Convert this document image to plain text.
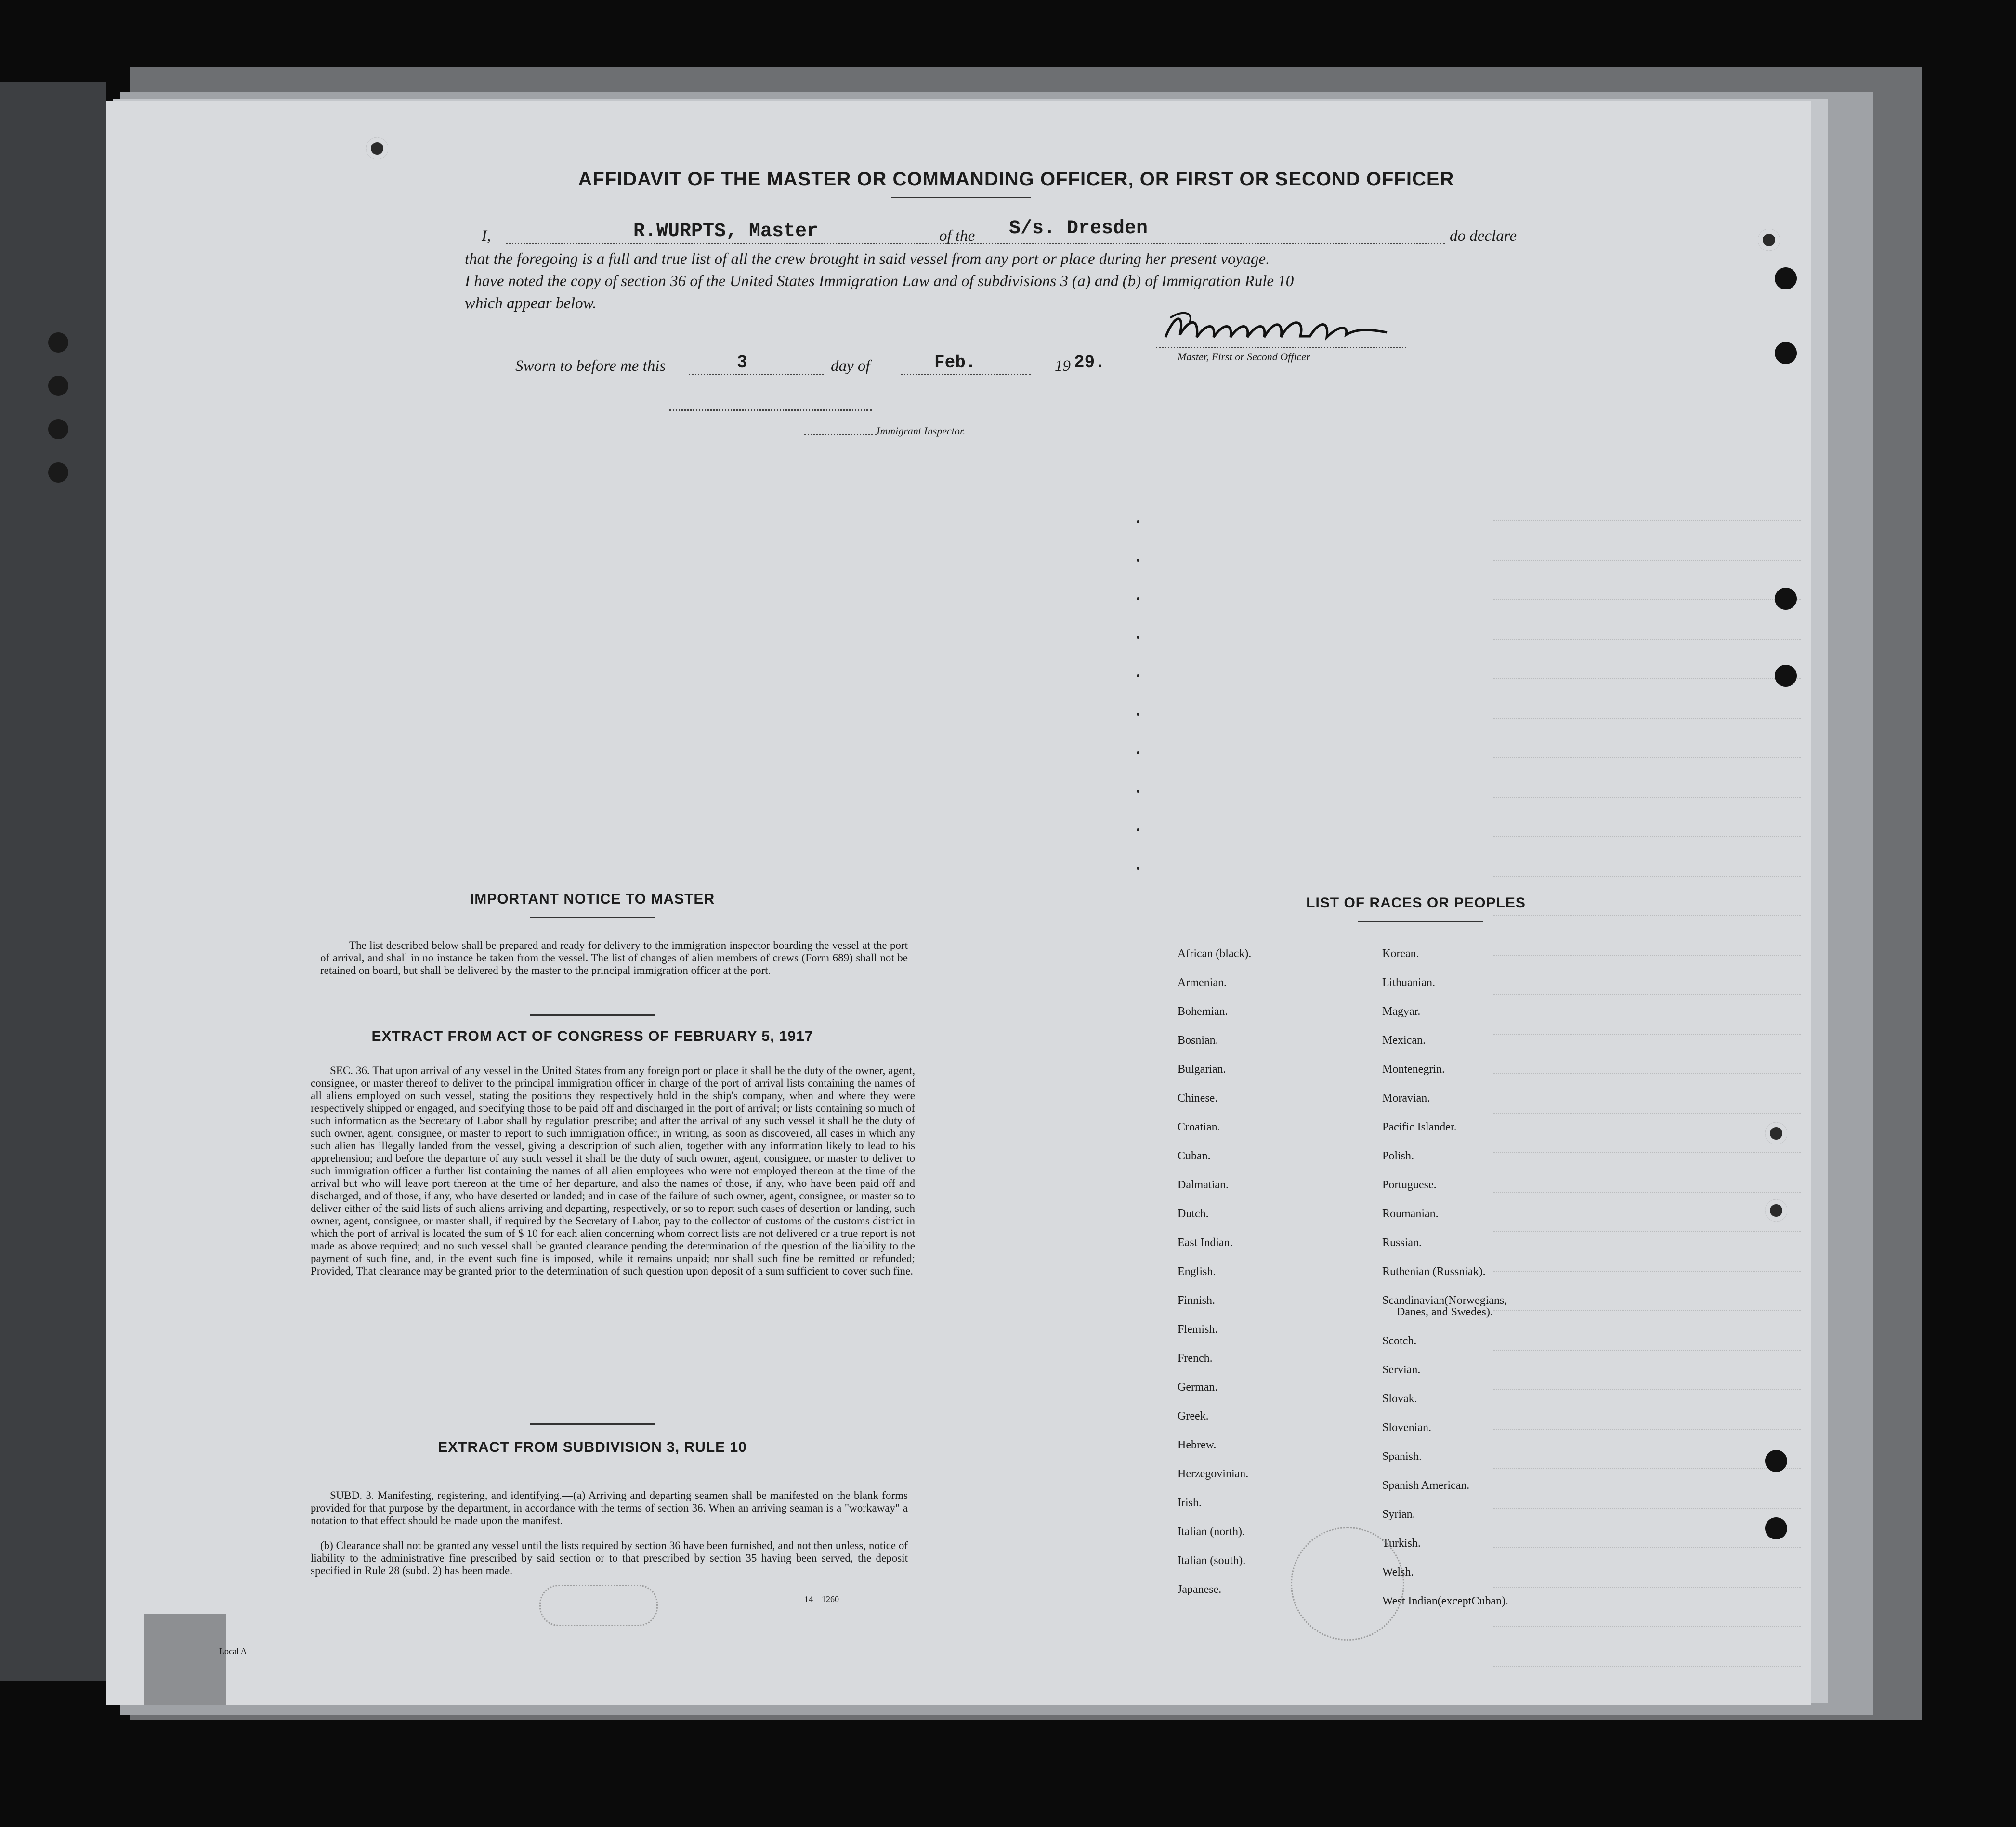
AFFIDAVIT OF THE MASTER OR COMMANDING OFFICER, OR FIRST OR SECOND OFFICER
I,	R.WURPTS, Master	of the S/s. Dresden	do declare
that the foregoing is a full and true list of all the crew brought in said vessel from any port or place during her present voyage.
I have noted the copy of section 36 of the United States Immigration Law and of subdivisions 3 (a) and (b) of Immigration Rule 10
which appear below.
Master, First or Second Officer
Sworn to before me this	3	day of	Feb.	19 29.
Immigrant Inspector.
IMPORTANT NOTICE TO MASTER
The list described below shall be prepared and ready for delivery to the immigration inspector boarding the vessel at the port of arrival, and shall in no instance be taken from the vessel. The list of changes of alien members of crews (Form 689) shall not be retained on board, but shall be delivered by the master to the principal immigration officer at the port.
EXTRACT FROM ACT OF CONGRESS OF FEBRUARY 5, 1917
SEC. 36. That upon arrival of any vessel in the United States from any foreign port or place it shall be the duty of the owner, agent, consignee, or master thereof to deliver to the principal immigration officer in charge of the port of arrival lists containing the names of all aliens employed on such vessel, stating the positions they respectively hold in the ship's company, when and where they were respectively shipped or engaged, and specifying those to be paid off and discharged in the port of arrival; or lists containing so much of such information as the Secretary of Labor shall by regulation prescribe; and after the arrival of any such vessel it shall be the duty of such owner, agent, consignee, or master to report to such immigration officer, in writing, as soon as discovered, all cases in which any such alien has illegally landed from the vessel, giving a description of such alien, together with any information likely to lead to his apprehension; and before the departure of any such vessel it shall be the duty of such owner, agent, consignee, or master to deliver to such immigration officer a further list containing the names of all alien employees who were not employed thereon at the time of the arrival but who will leave port thereon at the time of her departure, and also the names of those, if any, who have been paid off and discharged, and of those, if any, who have deserted or landed; and in case of the failure of such owner, agent, consignee, or master so to deliver either of the said lists of such aliens arriving and departing, respectively, or so to report such cases of desertion or landing, such owner, agent, consignee, or master shall, if required by the Secretary of Labor, pay to the collector of customs of the customs district in which the port of arrival is located the sum of $ 10 for each alien concerning whom correct lists are not delivered or a true report is not made as above required; and no such vessel shall be granted clearance pending the determination of the question of the liability to the payment of such fine, and, in the event such fine is imposed, while it remains unpaid; nor shall such fine be remitted or refunded; Provided, That clearance may be granted prior to the determination of such question upon deposit of a sum sufficient to cover such fine.
EXTRACT FROM SUBDIVISION 3, RULE 10
SUBD. 3. Manifesting, registering, and identifying.—(a) Arriving and departing seamen shall be manifested on the blank forms provided for that purpose by the department, in accordance with the terms of section 36. When an arriving seaman is a "workaway" a notation to that effect should be made upon the manifest.
(b) Clearance shall not be granted any vessel until the lists required by section 36 have been furnished, and not then unless, notice of liability to the administrative fine prescribed by said section or to that prescribed by section 35 having been served, the deposit specified in Rule 28 (subd. 2) has been made.
14—1260
LIST OF RACES OR PEOPLES
African (black).
Armenian.
Bohemian.
Bosnian.
Bulgarian.
Chinese.
Croatian.
Cuban.
Dalmatian.
Dutch.
East Indian.
English.
Finnish.
Flemish.
French.
German.
Greek.
Hebrew.
Herzegovinian.
Irish.
Italian (north).
Italian (south).
Japanese.
Korean.
Lithuanian.
Magyar.
Mexican.
Montenegrin.
Moravian.
Pacific Islander.
Polish.
Portuguese.
Roumanian.
Russian.
Ruthenian (Russniak).
Scandinavian(Norwegians,
Danes, and Swedes).
Scotch.
Servian.
Slovak.
Slovenian.
Spanish.
Spanish American.
Syrian.
Turkish.
Welsh.
West Indian(exceptCuban).
Local A
